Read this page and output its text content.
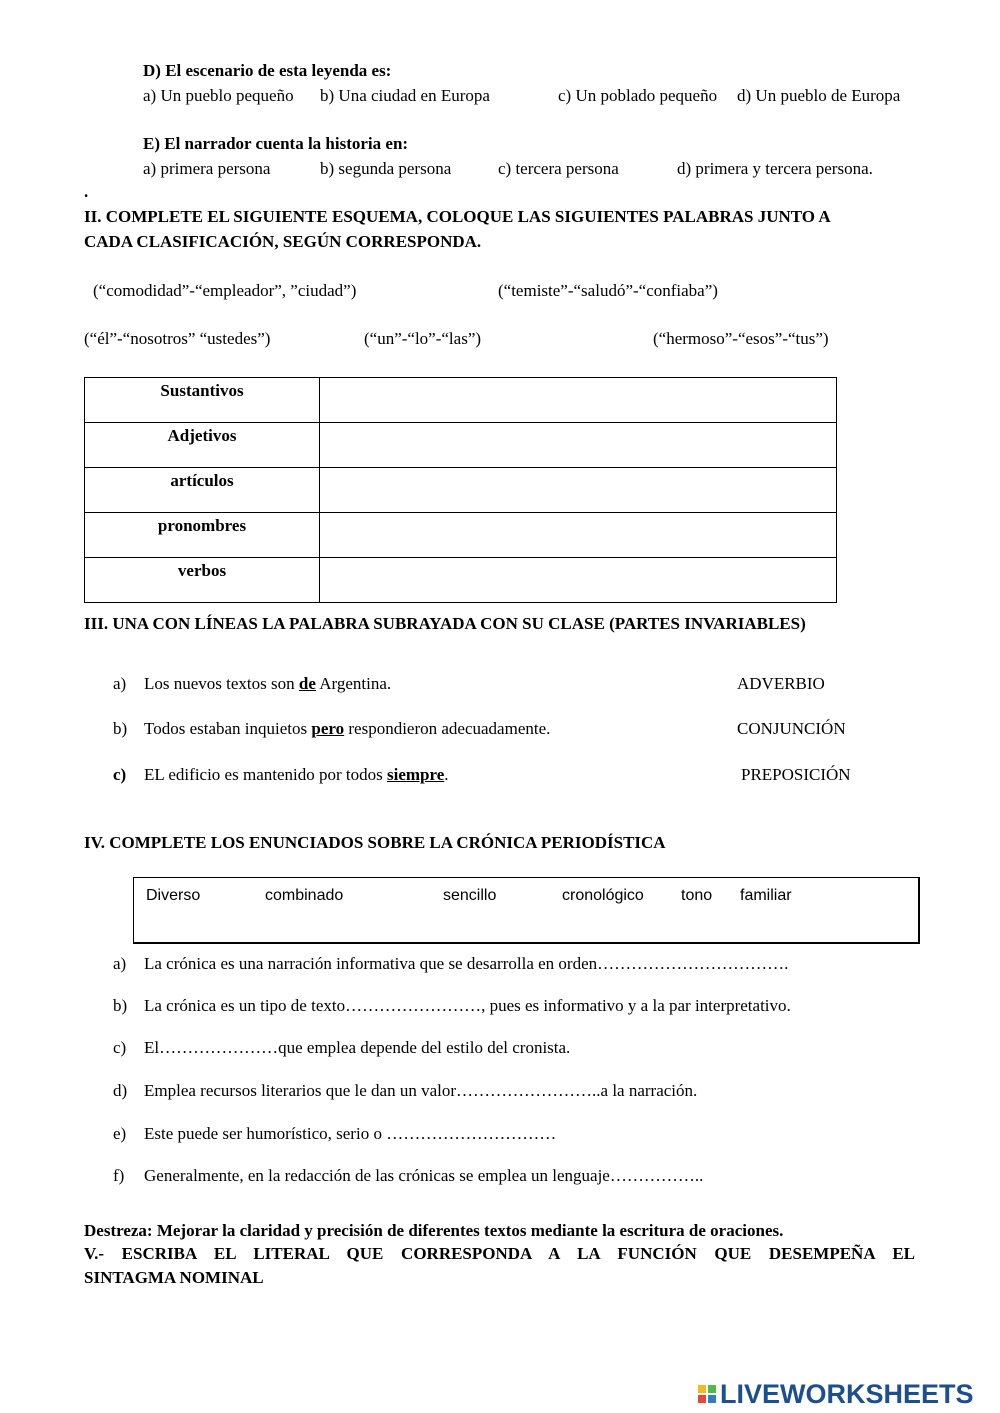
D) El escenario de esta leyenda es:
a) Un pueblo pequeño b) Una ciudad en Europa	c) Un poblado pequeño d) Un pueblo de Europa
E) El narrador cuenta la historia en:
a) primera persona	b) segunda persona	c) tercera persona	d) primera y tercera persona.
.
II. COMPLETE EL SIGUIENTE ESQUEMA, COLOQUE LAS SIGUIENTES PALABRAS JUNTO A
CADA CLASIFICACIÓN, SEGÚN CORRESPONDA.
(“comodidad”-“empleador”, ”ciudad”)	(“temiste”-“saludó”-“confiaba”)
(“él”-“nosotros” “ustedes”)	(“un”-“lo”-“las”)	(“hermoso”-“esos”-“tus”)
Sustantivos	
Adjetivos	
artículos	
pronombres	
verbos	
III. UNA CON LÍNEAS LA PALABRA SUBRAYADA CON SU CLASE (PARTES INVARIABLES)
a) Los nuevos textos son de Argentina.	ADVERBIO
b) Todos estaban inquietos pero respondieron adecuadamente.	CONJUNCIÓN
c) EL edificio es mantenido por todos siempre.	PREPOSICIÓN
IV. COMPLETE LOS ENUNCIADOS SOBRE LA CRÓNICA PERIODÍSTICA
Diverso	combinado	sencillo	cronológico tono familiar
a) La crónica es una narración informativa que se desarrolla en orden…………………………….
b) La crónica es un tipo de texto……………………, pues es informativo y a la par interpretativo.
c) El…………………que emplea depende del estilo del cronista.
d) Emplea recursos literarios que le dan un valor……………………..a la narración.
e) Este puede ser humorístico, serio o …………………………
f) Generalmente, en la redacción de las crónicas se emplea un lenguaje……………..
Destreza: Mejorar la claridad y precisión de diferentes textos mediante la escritura de oraciones.
V.- ESCRIBA EL LITERAL QUE CORRESPONDA A LA FUNCIÓN QUE DESEMPEÑA EL
SINTAGMA NOMINAL
LIVEWORKSHEETS
